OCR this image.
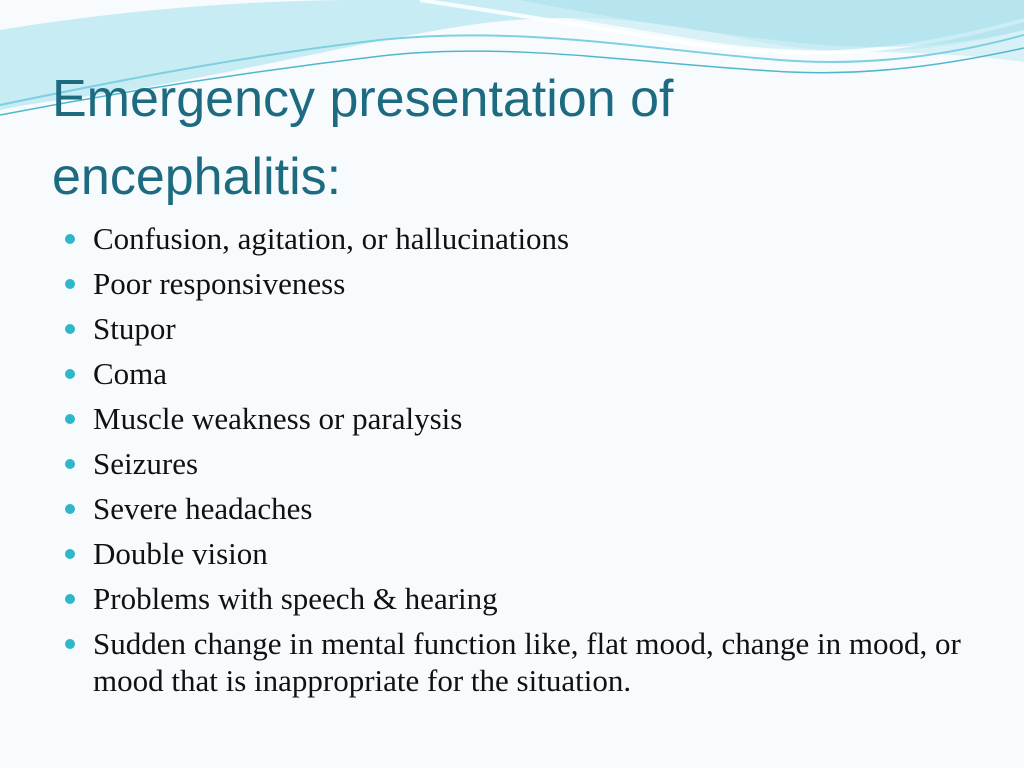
Emergency presentation of
encephalitis:
Confusion, agitation, or hallucinations
Poor responsiveness
Stupor
Coma
Muscle weakness or paralysis
Seizures
Severe headaches
Double vision
Problems with speech & hearing
Sudden change in mental function like, flat mood, change in mood, or mood that is inappropriate for the situation.
